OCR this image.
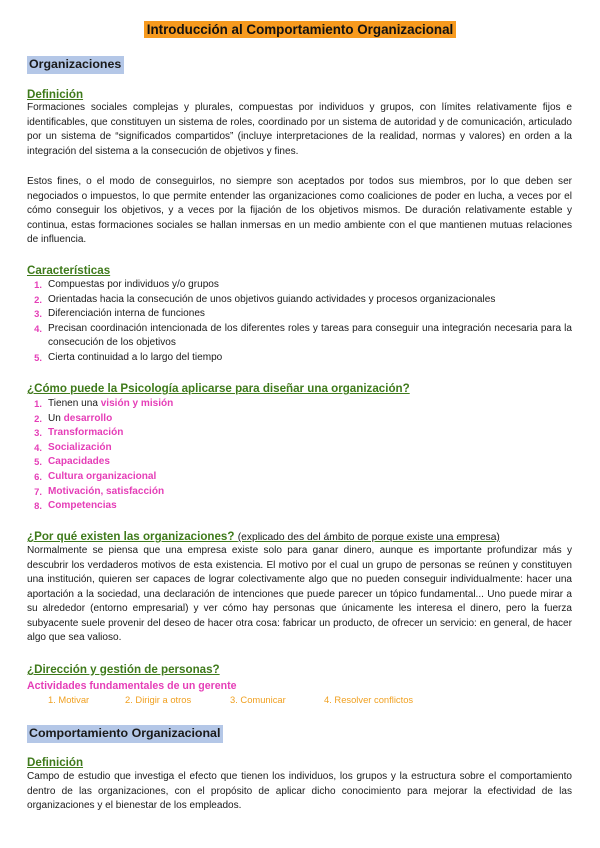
Introducción al Comportamiento Organizacional
Organizaciones
Definición

Formaciones sociales complejas y plurales, compuestas por individuos y grupos, con límites relativamente fijos e identificables, que constituyen un sistema de roles, coordinado por un sistema de autoridad y de comunicación, articulado por un sistema de “significados compartidos” (incluye interpretaciones de la realidad, normas y valores) en orden a la integración del sistema a la consecución de objetivos y fines.

Estos fines, o el modo de conseguirlos, no siempre son aceptados por todos sus miembros, por lo que deben ser negociados o impuestos, lo que permite entender las organizaciones como coaliciones de poder en lucha, a veces por el cómo conseguir los objetivos, y a veces por la fijación de los objetivos mismos. De duración relativamente estable y continua, estas formaciones sociales se hallan inmersas en un medio ambiente con el que mantienen mutuas relaciones de influencia.

Características
1. Compuestas por individuos y/o grupos
2. Orientadas hacia la consecución de unos objetivos guiando actividades y procesos organizacionales
3. Diferenciación interna de funciones
4. Precisan coordinación intencionada de los diferentes roles y tareas para conseguir una integración necesaria para la consecución de los objetivos
5. Cierta continuidad a lo largo del tiempo
¿Cómo puede la Psicología aplicarse para diseñar una organización?
1. Tienen una visión y misión
2. Un desarrollo
3. Transformación
4. Socialización
5. Capacidades
6. Cultura organizacional
7. Motivación, satisfacción
8. Competencias
¿Por qué existen las organizaciones? (explicado des del ámbito de porque existe una empresa)

Normalmente se piensa que una empresa existe solo para ganar dinero, aunque es importante profundizar más y descubrir los verdaderos motivos de esta existencia. El motivo por el cual un grupo de personas se reúnen y constituyen una institución, quieren ser capaces de lograr colectivamente algo que no pueden conseguir individualmente: hacer una aportación a la sociedad, una declaración de intenciones que puede parecer un tópico fundamental... Uno puede mirar a su alrededor (entorno empresarial) y ver cómo hay personas que únicamente les interesa el dinero, pero la fuerza subyacente suele provenir del deseo de hacer otra cosa: fabricar un producto, de ofrecer un servicio: en general, de hacer algo que sea valioso.

¿Dirección y gestión de personas?
Actividades fundamentales de un gerente
1. Motivar	2. Dirigir a otros	3. Comunicar	4. Resolver conflictos
Comportamiento Organizacional
Definición

Campo de estudio que investiga el efecto que tienen los individuos, los grupos y la estructura sobre el comportamiento dentro de las organizaciones, con el propósito de aplicar dicho conocimiento para mejorar la efectividad de las organizaciones y el bienestar de los empleados.
